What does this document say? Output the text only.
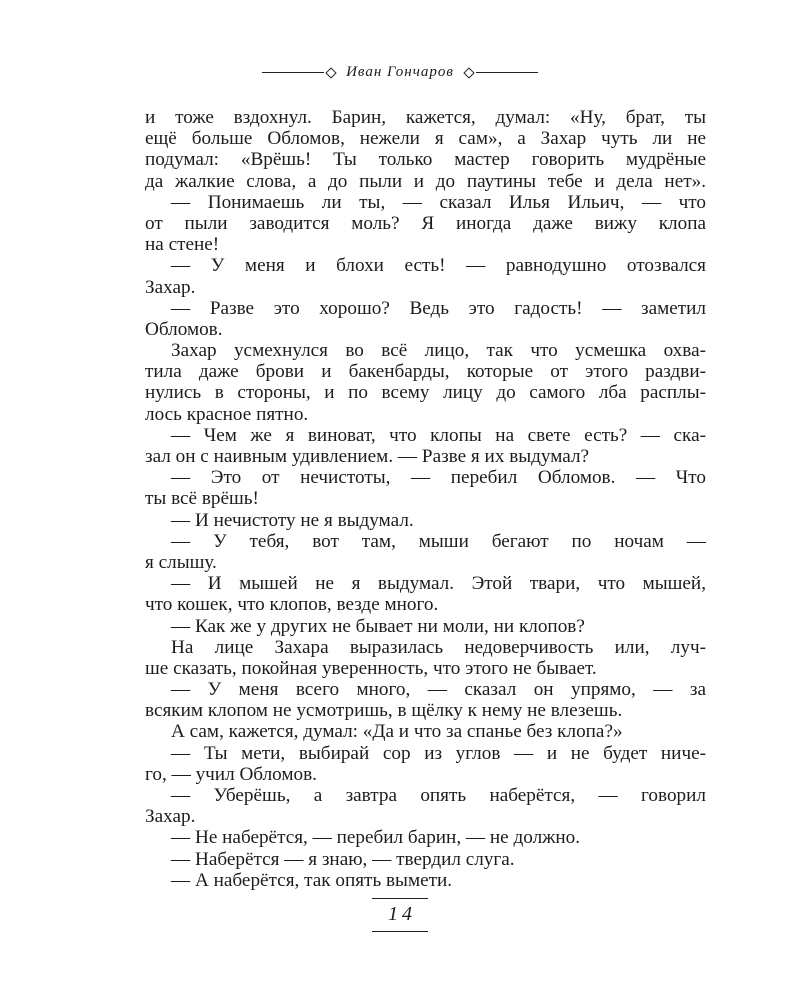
Иван Гончаров
и тоже вздохнул. Барин, кажется, думал: «Ну, брат, ты
ещё больше Обломов, нежели я сам», а Захар чуть ли не
подумал: «Врёшь! Ты только мастер говорить мудрёные
да жалкие слова, а до пыли и до паутины тебе и дела нет».
— Понимаешь ли ты, — сказал Илья Ильич, — что
от пыли заводится моль? Я иногда даже вижу клопа
на стене!
— У меня и блохи есть! — равнодушно отозвался
Захар.
— Разве это хорошо? Ведь это гадость! — заметил
Обломов.
Захар усмехнулся во всё лицо, так что усмешка охва-
тила даже брови и бакенбарды, которые от этого раздви-
нулись в стороны, и по всему лицу до самого лба расплы-
лось красное пятно.
— Чем же я виноват, что клопы на свете есть? — ска-
зал он с наивным удивлением. — Разве я их выдумал?
— Это от нечистоты, — перебил Обломов. — Что
ты всё врёшь!
— И нечистоту не я выдумал.
— У тебя, вот там, мыши бегают по ночам —
я слышу.
— И мышей не я выдумал. Этой твари, что мышей,
что кошек, что клопов, везде много.
— Как же у других не бывает ни моли, ни клопов?
На лице Захара выразилась недоверчивость или, луч-
ше сказать, покойная уверенность, что этого не бывает.
— У меня всего много, — сказал он упрямо, — за
всяким клопом не усмотришь, в щёлку к нему не влезешь.
А сам, кажется, думал: «Да и что за спанье без клопа?»
— Ты мети, выбирай сор из углов — и не будет ничe-
го, — учил Обломов.
— Уберёшь, а завтра опять наберётся, — говорил
Захар.
— Не наберётся, — перебил барин, — не должно.
— Наберётся — я знаю, — твердил слуга.
— А наберётся, так опять вымети.
14
